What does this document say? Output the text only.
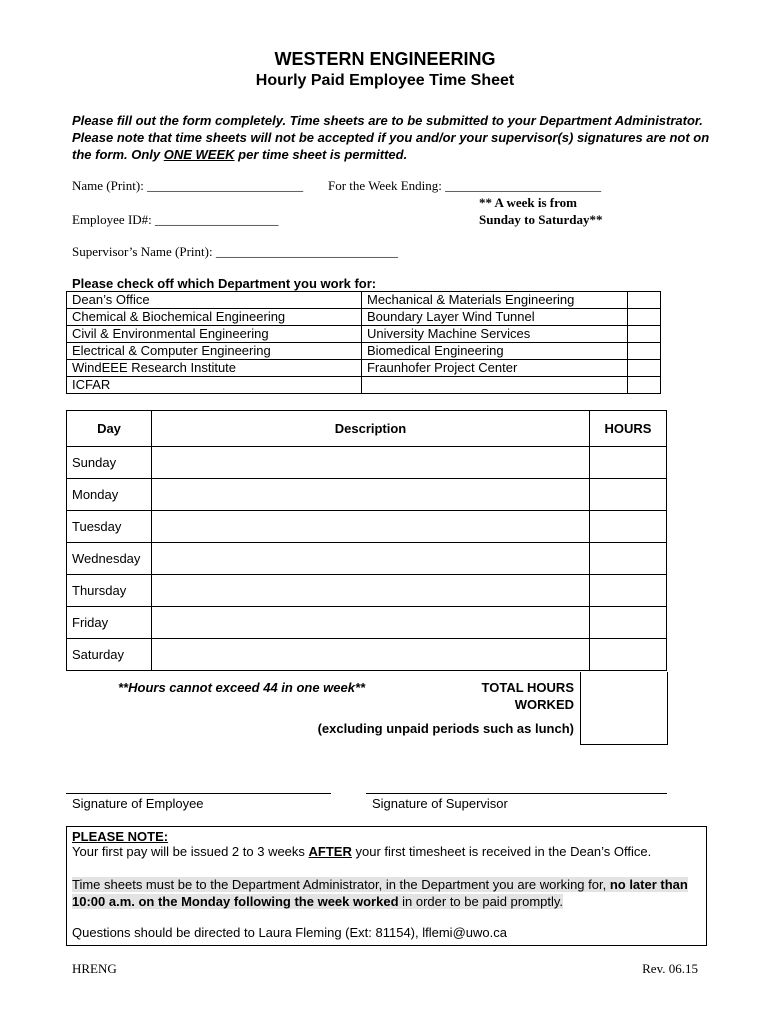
WESTERN ENGINEERING
Hourly Paid Employee Time Sheet
Please fill out the form completely. Time sheets are to be submitted to your Department Administrator. Please note that time sheets will not be accepted if you and/or your supervisor(s) signatures are not on the form. Only ONE WEEK per time sheet is permitted.
Name (Print): ________________________ For the Week Ending: ________________________
** A week is from
Sunday to Saturday**
Employee ID#: ___________________
Supervisor’s Name (Print): ____________________________
Please check off which Department you work for:
Dean’s Office		Mechanical & Materials Engineering	
Chemical & Biochemical Engineering		Boundary Layer Wind Tunnel	
Civil & Environmental Engineering		University Machine Services	
Electrical & Computer Engineering		Biomedical Engineering	
WindEEE Research Institute		Fraunhofer Project Center	
ICFAR			
Day	Description	HOURS
Sunday		
Monday		
Tuesday		
Wednesday		
Thursday		
Friday		
Saturday		
**Hours cannot exceed 44 in one week**	TOTAL HOURS
WORKED
(excluding unpaid periods such as lunch)
Signature of Employee	Signature of Supervisor

PLEASE NOTE:

Your first pay will be issued 2 to 3 weeks AFTER your first timesheet is received in the Dean’s Office.

Time sheets must be to the Department Administrator, in the Department you are working for, no later than 10:00 a.m. on the Monday following the week worked in order to be paid promptly.

Questions should be directed to Laura Fleming (Ext: 81154), lflemi@uwo.ca

HRENG	Rev. 06.15
